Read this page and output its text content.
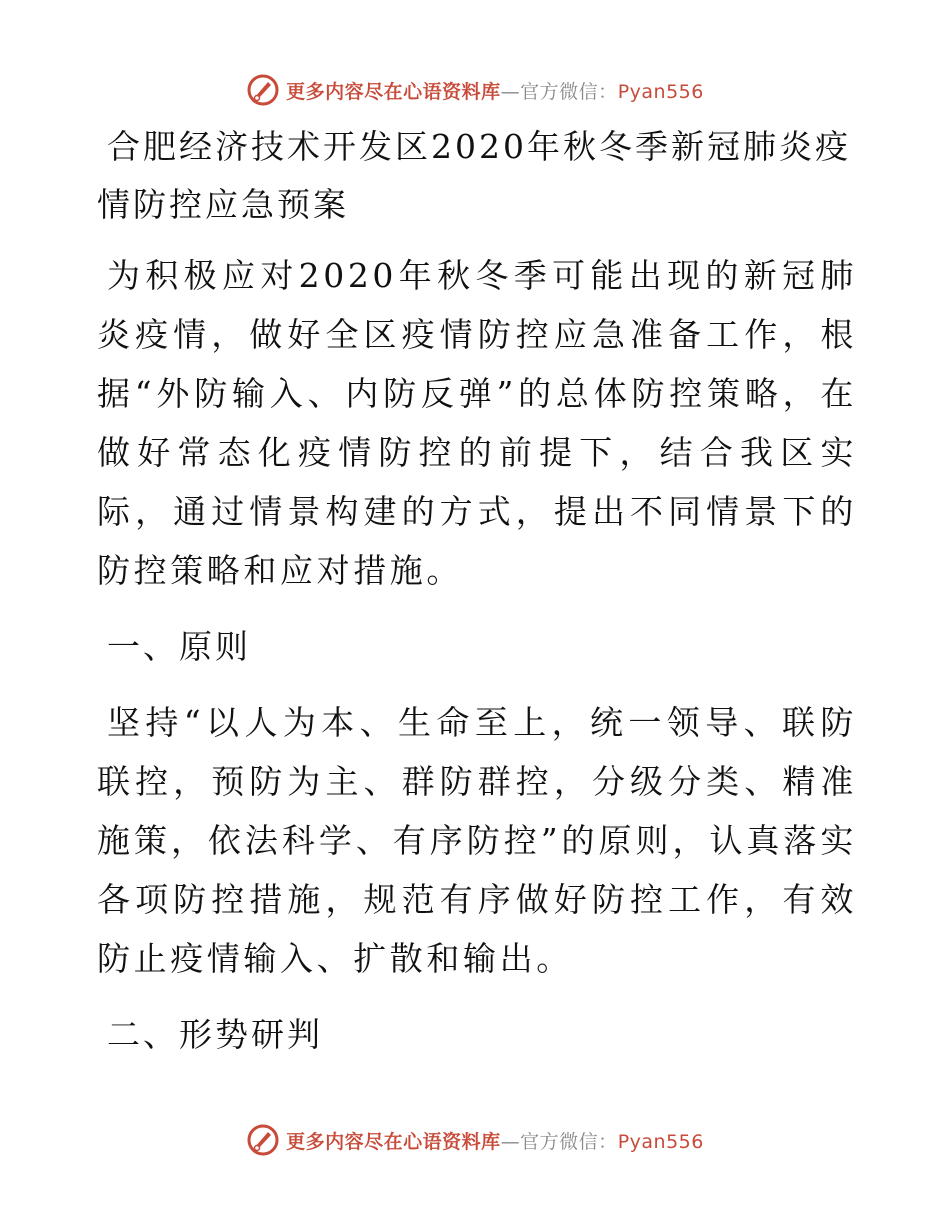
更多内容尽在心语资料库—官方微信：Pyan556
合肥经济技术开发区2020年秋冬季新冠肺炎疫情防控应急预案

为积极应对2020年秋冬季可能出现的新冠肺炎疫情，做好全区疫情防控应急准备工作，根据“外防输入、内防反弹”的总体防控策略，在做好常态化疫情防控的前提下，结合我区实际，通过情景构建的方式，提出不同情景下的防控策略和应对措施。

一、原则

坚持“以人为本、生命至上，统一领导、联防联控，预防为主、群防群控，分级分类、精准施策，依法科学、有序防控”的原则，认真落实各项防控措施，规范有序做好防控工作，有效防止疫情输入、扩散和输出。

二、形势研判
更多内容尽在心语资料库—官方微信：Pyan556
